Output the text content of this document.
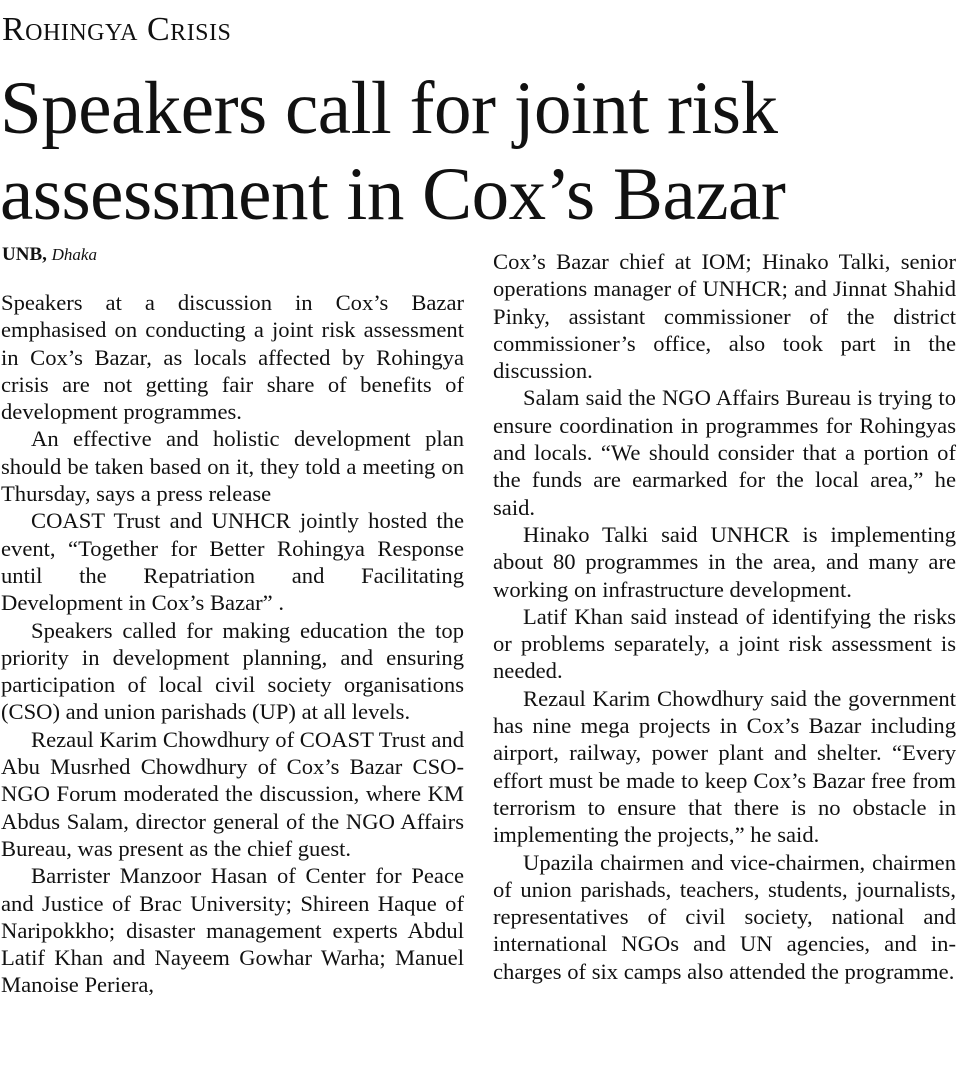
Rohingya Crisis
Speakers call for joint risk
assessment in Cox’s Bazar
UNB, Dhaka

Speakers at a discussion in Cox’s Bazar emphasised on conducting a joint risk assessment in Cox’s Bazar, as locals affected by Rohingya crisis are not getting fair share of benefits of development programmes.

An effective and holistic development plan should be taken based on it, they told a meeting on Thursday, says a press release

COAST Trust and UNHCR jointly hosted the event, “Together for Better Rohingya Response until the Repatriation and Facilitating Development in Cox’s Bazar” .

Speakers called for making education the top priority in development planning, and ensuring participation of local civil society organisations (CSO) and union parishads (UP) at all levels.

Rezaul Karim Chowdhury of COAST Trust and Abu Musrhed Chowdhury of Cox’s Bazar CSO-NGO Forum moderated the discussion, where KM Abdus Salam, director general of the NGO Affairs Bureau, was present as the chief guest.

Barrister Manzoor Hasan of Center for Peace and Justice of Brac University; Shireen Haque of Naripokkho; disaster management experts Abdul Latif Khan and Nayeem Gowhar Warha; Manuel Manoise Periera,

Cox’s Bazar chief at IOM; Hinako Talki, senior operations manager of UNHCR; and Jinnat Shahid Pinky, assistant commissioner of the district commissioner’s office, also took part in the discussion.

Salam said the NGO Affairs Bureau is trying to ensure coordination in programmes for Rohingyas and locals. “We should consider that a portion of the funds are earmarked for the local area,” he said.

Hinako Talki said UNHCR is implementing about 80 programmes in the area, and many are working on infrastructure development.

Latif Khan said instead of identifying the risks or problems separately, a joint risk assessment is needed.

Rezaul Karim Chowdhury said the government has nine mega projects in Cox’s Bazar including airport, railway, power plant and shelter. “Every effort must be made to keep Cox’s Bazar free from terrorism to ensure that there is no obstacle in implementing the projects,” he said.

Upazila chairmen and vice-chairmen, chairmen of union parishads, teachers, students, journalists, representatives of civil society, national and international NGOs and UN agencies, and in-charges of six camps also attended the programme.
